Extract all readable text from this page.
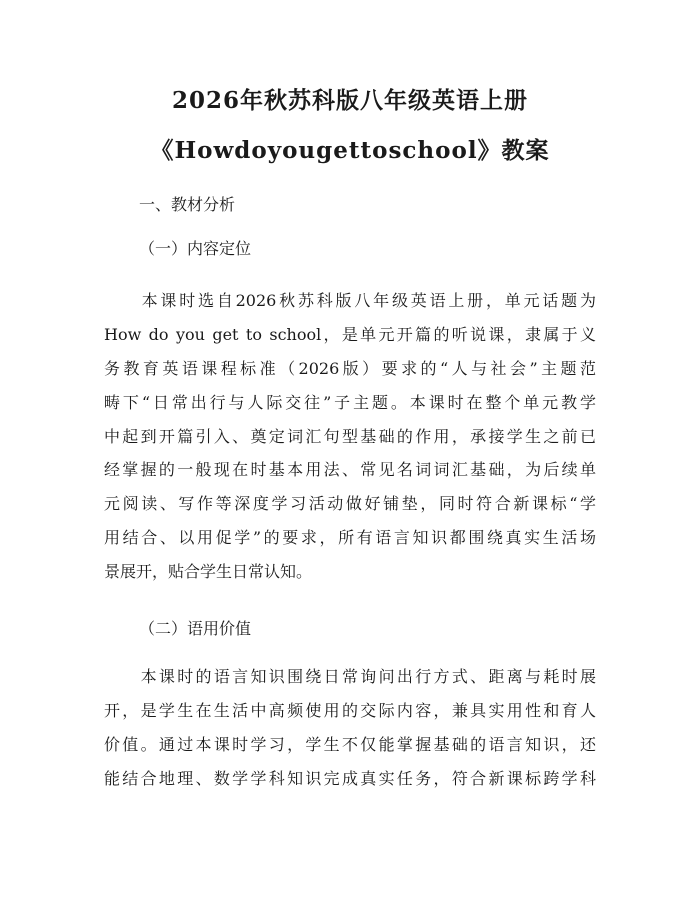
2026年秋苏科版八年级英语上册
《Howdoyougettoschool》教案
一、教材分析
（一）内容定位
　　本课时选自2026秋苏科版八年级英语上册，单元话题为
How do you get to school，是单元开篇的听说课，隶属于义
务教育英语课程标准（2026版）要求的“人与社会”主题范
畴下“日常出行与人际交往”子主题。本课时在整个单元教学
中起到开篇引入、奠定词汇句型基础的作用，承接学生之前已
经掌握的一般现在时基本用法、常见名词词汇基础，为后续单
元阅读、写作等深度学习活动做好铺垫，同时符合新课标“学
用结合、以用促学”的要求，所有语言知识都围绕真实生活场
景展开，贴合学生日常认知。
（二）语用价值
　　本课时的语言知识围绕日常询问出行方式、距离与耗时展
开，是学生在生活中高频使用的交际内容，兼具实用性和育人
价值。通过本课时学习，学生不仅能掌握基础的语言知识，还
能结合地理、数学学科知识完成真实任务，符合新课标跨学科
